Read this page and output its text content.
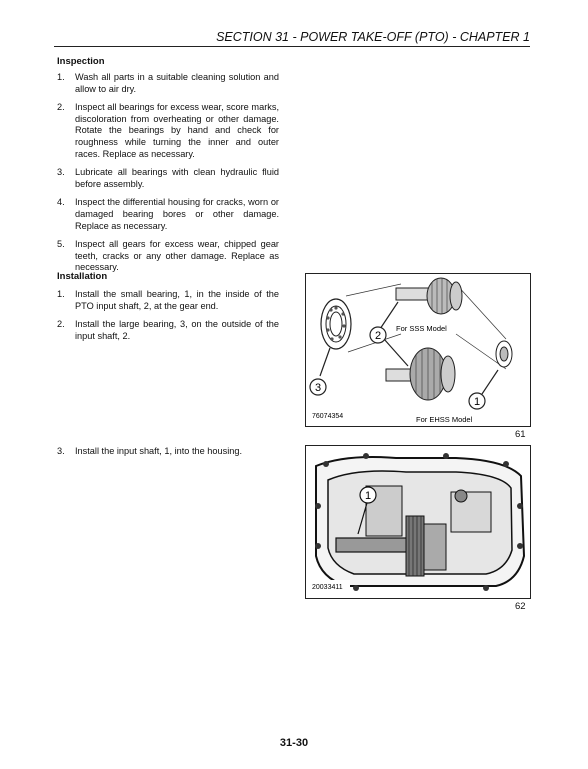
SECTION 31 - POWER TAKE-OFF (PTO) - CHAPTER 1
Inspection
1. Wash all parts in a suitable cleaning solution and allow to air dry.
2. Inspect all bearings for excess wear, score marks, discoloration from overheating or other damage. Rotate the bearings by hand and check for roughness while turning the inner and outer races. Replace as necessary.
3. Lubricate all bearings with clean hydraulic fluid before assembly.
4. Inspect the differential housing for cracks, worn or damaged bearing bores or other damage. Replace as necessary.
5. Inspect all gears for excess wear, chipped gear teeth, cracks or any other damage. Replace as necessary.
Installation
1. Install the small bearing, 1, in the inside of the PTO input shaft, 2, at the gear end.
2. Install the large bearing, 3, on the outside of the input shaft, 2.
3. Install the input shaft, 1, into the housing.
2
3
1
For SSS Model
For EHSS Model
76074354
61
1
20033411
62
31-30
